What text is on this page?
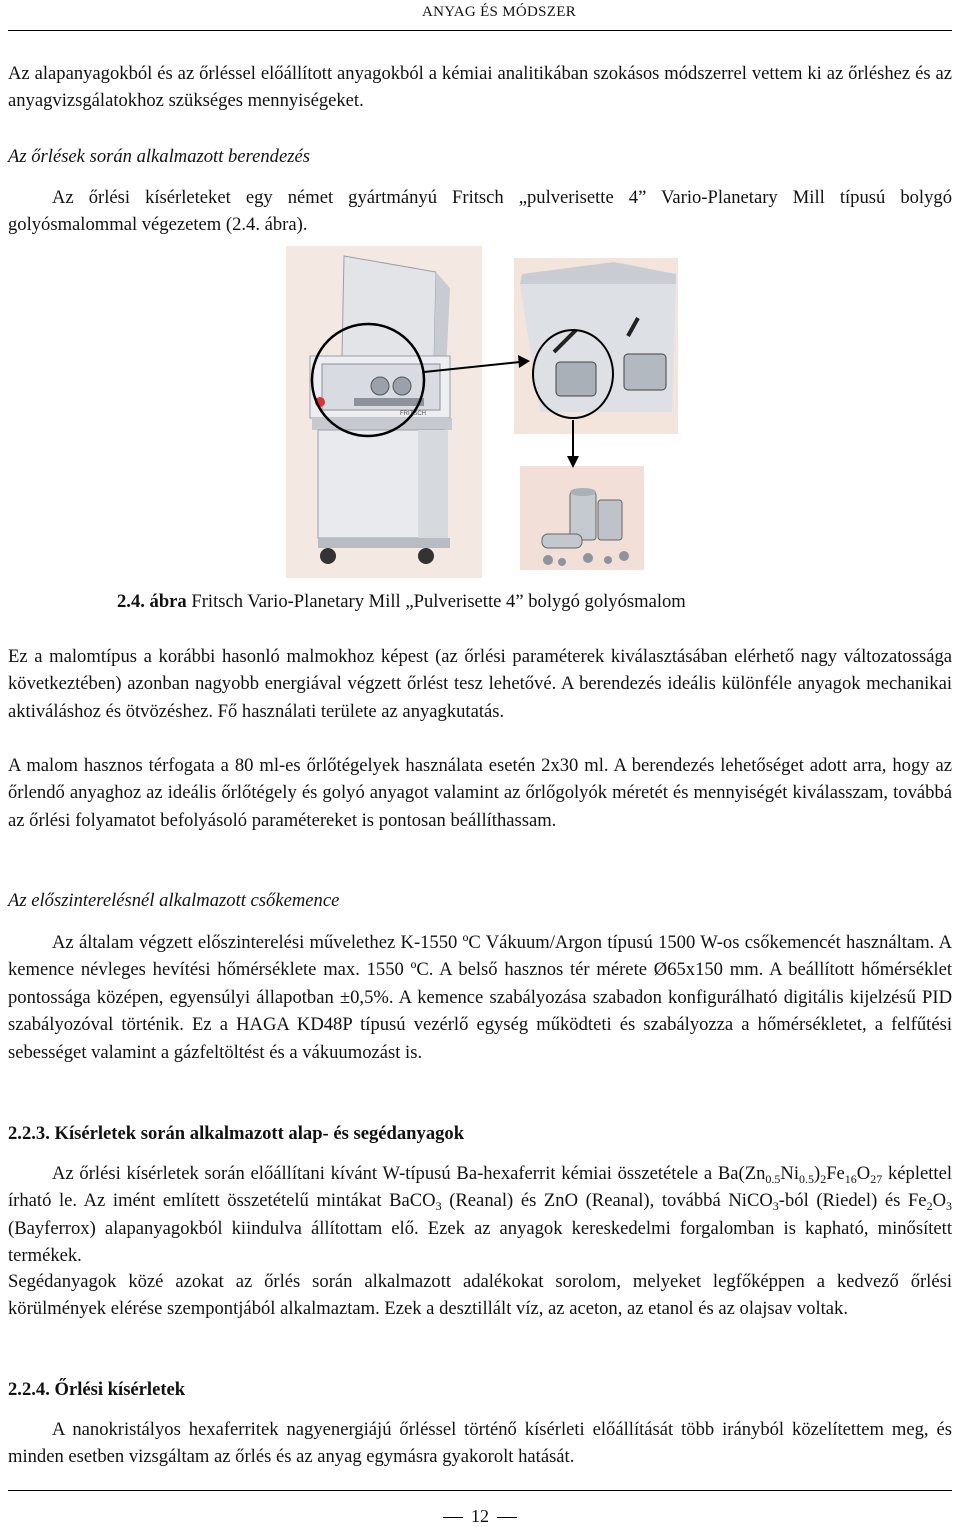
ANYAG ÉS MÓDSZER
Az alapanyagokból és az őrléssel előállított anyagokból a kémiai analitikában szokásos módszerrel vettem ki az őrléshez és az anyagvizsgálatokhoz szükséges mennyiségeket.
Az őrlések során alkalmazott berendezés
Az őrlési kísérleteket egy német gyártmányú Fritsch „pulverisette 4” Vario-Planetary Mill típusú bolygó golyósmalommal végezetem (2.4. ábra).
FRITSCH
2.4. ábra Fritsch Vario-Planetary Mill „Pulverisette 4” bolygó golyósmalom
Ez a malomtípus a korábbi hasonló malmokhoz képest (az őrlési paraméterek kiválasztásában elérhető nagy változatossága következtében) azonban nagyobb energiával végzett őrlést tesz lehetővé. A berendezés ideális különféle anyagok mechanikai aktiváláshoz és ötvözéshez. Fő használati területe az anyagkutatás.
A malom hasznos térfogata a 80 ml-es őrlőtégelyek használata esetén 2x30 ml. A berendezés lehetőséget adott arra, hogy az őrlendő anyaghoz az ideális őrlőtégely és golyó anyagot valamint az őrlőgolyók méretét és mennyiségét kiválasszam, továbbá az őrlési folyamatot befolyásoló paramétereket is pontosan beállíthassam.
Az előszinterelésnél alkalmazott csőkemence
Az általam végzett előszinterelési művelethez K-1550 ºC Vákuum/Argon típusú 1500 W-os csőkemencét használtam. A kemence névleges hevítési hőmérséklete max. 1550 ºC. A belső hasznos tér mérete Ø65x150 mm. A beállított hőmérséklet pontossága középen, egyensúlyi állapotban ±0,5%. A kemence szabályozása szabadon konfigurálható digitális kijelzésű PID szabályozóval történik. Ez a HAGA KD48P típusú vezérlő egység működteti és szabályozza a hőmérsékletet, a felfűtési sebességet valamint a gázfeltöltést és a vákuumozást is.
2.2.3. Kísérletek során alkalmazott alap- és segédanyagok
Az őrlési kísérletek során előállítani kívánt W-típusú Ba-hexaferrit kémiai összetétele a $Ba(Zn_{0.5}Ni_{0.5})_2Fe_{16}O_{27}$ képlettel írható le. Az imént említett összetételű mintákat BaCO$_3$ (Reanal) és ZnO (Reanal), továbbá NiCO$_3$-ból (Riedel) és $Fe_2O_3$ (Bayferrox) alapanyagokból kiindulva állítottam elő. Ezek az anyagok kereskedelmi forgalomban is kapható, minősített termékek.
Segédanyagok közé azokat az őrlés során alkalmazott adalékokat sorolom, melyeket legfőképpen a kedvező őrlési körülmények elérése szempontjából alkalmaztam. Ezek a desztillált víz, az aceton, az etanol és az olajsav voltak.
2.2.4. Őrlési kísérletek
A nanokristályos hexaferritek nagyenergiájú őrléssel történő kísérleti előállítását több irányból közelítettem meg, és minden esetben vizsgáltam az őrlés és az anyag egymásra gyakorolt hatását.
12
